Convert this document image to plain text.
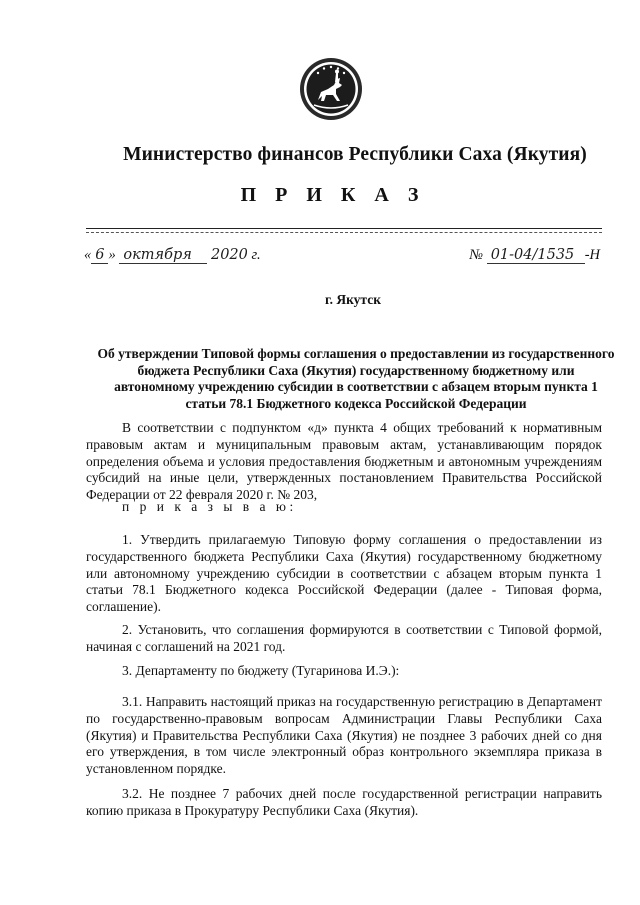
Министерство финансов Республики Саха (Якутия)
П Р И К А З
« 6 » октября 2020 г.	№ 01-04/1535 -Н
г. Якутск
Об утверждении Типовой формы соглашения о предоставлении из государственного бюджета Республики Саха (Якутия) государственному бюджетному или автономному учреждению субсидии в соответствии с абзацем вторым пункта 1 статьи 78.1 Бюджетного кодекса Российской Федерации

В соответствии с подпунктом «д» пункта 4 общих требований к нормативным правовым актам и муниципальным правовым актам, устанавливающим порядок определения объема и условия предоставления бюджетным и автономным учреждениям субсидий на иные цели, утвержденных постановлением Правительства Российской Федерации от 22 февраля 2020 г. № 203,

п р и к а з ы в а ю:

1. Утвердить прилагаемую Типовую форму соглашения о предоставлении из государственного бюджета Республики Саха (Якутия) государственному бюджетному или автономному учреждению субсидии в соответствии с абзацем вторым пункта 1 статьи 78.1 Бюджетного кодекса Российской Федерации (далее - Типовая форма, соглашение).

2. Установить, что соглашения формируются в соответствии с Типовой формой, начиная с соглашений на 2021 год.

3. Департаменту по бюджету (Тугаринова И.Э.):

3.1. Направить настоящий приказ на государственную регистрацию в Департамент по государственно-правовым вопросам Администрации Главы Республики Саха (Якутия) и Правительства Республики Саха (Якутия) не позднее 3 рабочих дней со дня его утверждения, в том числе электронный образ контрольного экземпляра приказа в установленном порядке.

3.2. Не позднее 7 рабочих дней после государственной регистрации направить копию приказа в Прокуратуру Республики Саха (Якутия).
